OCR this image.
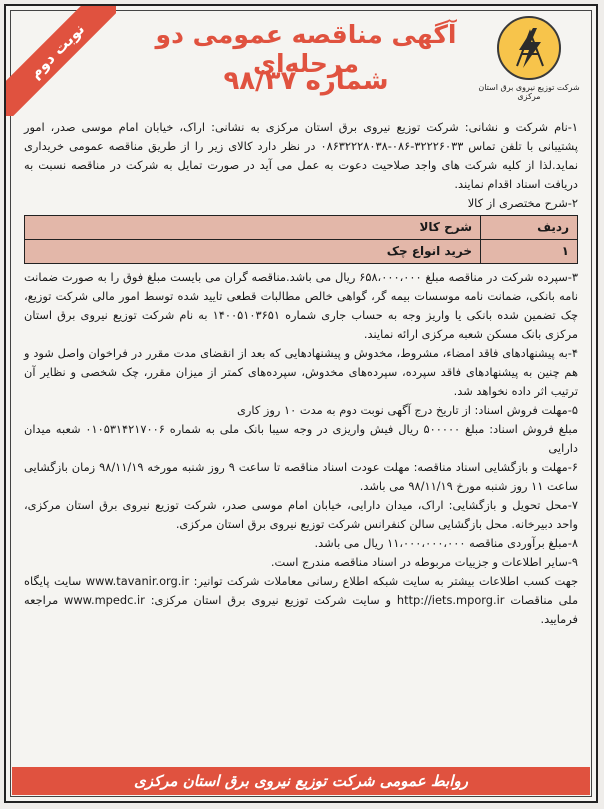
نوبت دوم
شرکت توزیع نیروی برق استان مرکزی
آگهی مناقصه عمومی دو مرحله‌ای
شماره ۹۸/۳۷

۱-نام شرکت و نشانی: شرکت توزیع نیروی برق استان مرکزی به نشانی: اراک، خیابان امام موسی صدر، امور پشتیبانی با تلفن تماس ۳۲۲۲۶۰۳۳-۰۸۶-۰۸۶۳۲۲۲۸۰۳۸ در نظر دارد کالای زیر را از طریق مناقصه عمومی خریداری نماید.لذا از کلیه شرکت های واجد صلاحیت دعوت به عمل می آید در صورت تمایل به شرکت در مناقصه نسبت به دریافت اسناد اقدام نمایند.

۲-شرح مختصری از کالا

ردیف	شرح کالا
۱	خرید انواع چک

۳-سپرده شرکت در مناقصه مبلغ ۶۵۸،۰۰۰،۰۰۰ ریال می باشد.مناقصه گران می بایست مبلغ فوق را به صورت ضمانت نامه بانکی، ضمانت نامه موسسات بیمه گر، گواهی خالص مطالبات قطعی تایید شده توسط امور مالی شرکت توزیع، چک تضمین شده بانکی یا واریز وجه به حساب جاری شماره ۱۴۰۰۵۱۰۳۶۵۱ به نام شرکت توزیع نیروی برق استان مرکزی بانک مسکن شعبه مرکزی ارائه نمایند.

۴-به پیشنهادهای فاقد امضاء، مشروط، مخدوش و پیشنهادهایی که بعد از انقضای مدت مقرر در فراخوان واصل شود و هم چنین به پیشنهادهای فاقد سپرده، سپرده‌های مخدوش، سپرده‌های کمتر از میزان مقرر، چک شخصی و نظایر آن ترتیب اثر داده نخواهد شد.

۵-مهلت فروش اسناد: از تاریخ درج آگهی نوبت دوم به مدت ۱۰ روز کاری

مبلغ فروش اسناد: مبلغ ۵۰۰۰۰۰ ریال فیش واریزی در وجه سیبا بانک ملی به شماره ۰۱۰۵۳۱۴۲۱۷۰۰۶ شعبه میدان دارایی

۶-مهلت و بازگشایی اسناد مناقصه: مهلت عودت اسناد مناقصه تا ساعت ۹ روز شنبه مورخه ۹۸/۱۱/۱۹ زمان بازگشایی ساعت ۱۱ روز شنبه مورخ ۹۸/۱۱/۱۹ می باشد.

۷-محل تحویل و بازگشایی: اراک، میدان دارایی، خیابان امام موسی صدر، شرکت توزیع نیروی برق استان مرکزی، واحد دبیرخانه. محل بازگشایی سالن کنفرانس شرکت توزیع نیروی برق استان مرکزی.

۸-مبلغ برآوردی مناقصه ۱۱،۰۰۰،۰۰۰،۰۰۰ ریال می باشد.

۹-سایر اطلاعات و جزییات مربوطه در اسناد مناقصه مندرج است.

جهت کسب اطلاعات بیشتر به سایت شبکه اطلاع رسانی معاملات شرکت توانیر: www.tavanir.org.ir سایت پایگاه ملی مناقصات http://iets.mporg.ir و سایت شرکت توزیع نیروی برق استان مرکزی: www.mpedc.ir مراجعه فرمایید.

روابط عمومی شرکت توزیع نیروی برق استان مرکزی
